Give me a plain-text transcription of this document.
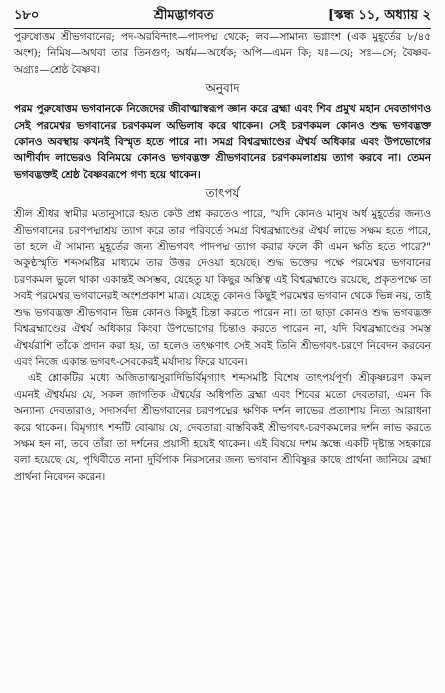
১৮০	শ্রীমদ্ভাগবত	[স্কন্ধ ১১, অধ্যায় ২

পুরুষোত্তম শ্রীভগবানের; পদ-অরবিন্দাৎ—পাদপদ্ম থেকে; লব—সামান্য ভগ্নাংশ (এক মুহূর্তের ৮/৪৫ অংশ); নিমিষ—অথবা তার তিনগুণ; অর্ধম—অর্ধেক; অপি—এমন কি; যঃ—যে; সঃ—সে; বৈষ্ণব-অগ্র্যঃ—শ্রেষ্ঠ বৈষ্ণব।

অনুবাদ

পরম পুরুষোত্তম ভগবানকে নিজেদের জীবাত্মাস্বরূপ জ্ঞান করে ব্রহ্মা এবং শিব প্রমুখ মহান দেবতাগণও সেই পরমেশ্বর ভগবানের চরণকমল অভিলাষ করে থাকেন। সেই চরণকমল কোনও শুদ্ধ ভগবদ্ভক্ত কোনও অবস্থায় কখনই বিস্মৃত হতে পারে না। সমগ্র বিশ্বব্রহ্মাণ্ডের ঐশ্বর্য অধিকার এবং উপভোগের আশীর্বাদ লাভেরও বিনিময়ে কোনও ভগবদ্ভক্ত শ্রীভগবানের চরণকমলাশ্রয় ত্যাগ করবে না। তেমন ভগবদ্ভক্তই শ্রেষ্ঠ বৈষ্ণবরূপে গণ্য হয়ে থাকেন।

তাৎপর্য

শ্রীল শ্রীধর স্বামীর মতানুসারে হয়ত কেউ প্রশ্ন করতেও পারে, "যদি কোনও মানুষ অর্ধ মুহূর্তের জন্যও শ্রীভগবানের চরণপদ্মাশ্রয় ত্যাগ করে তার পরিবর্তে সমগ্র বিশ্বব্রহ্মাণ্ডের ঐশ্বর্য লাভে সক্ষম হতে পারে, তা হলে ঐ সামান্য মুহূর্তের জন্য শ্রীভগবৎ পাদপদ্ম ত্যাগ করার ফলে কী এমন ক্ষতি হতে পারে?" অকুণ্ঠস্মৃতি শব্দসমষ্টির মাধ্যমে তার উত্তর দেওয়া হয়েছে। শুদ্ধ ভক্তের পক্ষে পরমেশ্বর ভগবানের চরণকমল ভুলে থাকা একান্তই অসম্ভব, যেহেতু যা কিছুর অস্তিত্ব এই বিশ্বব্রহ্মাণ্ডে রয়েছে, প্রকৃতপক্ষে তা সবই পরমেশ্বর ভগবানেরই অংশপ্রকাশ মাত্র। যেহেতু কোনও কিছুই পরমেশ্বর ভগবান থেকে ভিন্ন নয়, তাই শুদ্ধ ভগবদ্ভক্ত শ্রীভগবান ভিন্ন কোনও কিছুই চিন্তা করতে পারেন না। তা ছাড়া কোনও শুদ্ধ ভগবদ্ভক্ত বিশ্বব্রহ্মাণ্ডের ঐশ্বর্য অধিকার কিংবা উপভোগের চিন্তাও করতে পারেন না, যদি বিশ্বব্রহ্মাণ্ডের সমস্ত ঐশ্বর্যরাশি তাঁকে প্রদান করা হয়, তা হলেও তৎক্ষণাৎ সেই সবই তিনি শ্রীভগবৎ-চরণে নিবেদন করবেন এবং নিজে একান্ত ভগবৎ-সেবকেরই মর্যাদায় ফিরে যাবেন।

এই শ্লোকটির মধ্যে অজিতাত্মসুরাদিভির্বিমৃগ্যাৎ শব্দসমষ্টি বিশেষ তাৎপর্যপূর্ণ। শ্রীকৃষ্ণচরণ কমল এমনই ঐশ্বর্যময় যে, সকল জাগতিক ঐশ্বর্যের অধিপতি ব্রহ্মা এবং শিবের মতো দেবতারা, এমন কি অন্যান্য দেবতারাও, সদাসর্বদা শ্রীভগবানের চরণপদ্মের ক্ষণিক দর্শন লাভের প্রত্যাশায় নিত্য আরাধনা করে থাকেন। বিমৃগ্যাৎ শব্দটি বোঝায় যে, দেবতারা বাস্তবিকই শ্রীভগবৎ-চরণকমলের দর্শন লাভ করতে সক্ষম হন না, তবে তাঁরা তা দর্শনের প্রয়াসী হয়েই থাকেন। এই বিষয়ে দশম স্কন্ধে একটি দৃষ্টান্ত সহকারে বলা হয়েছে যে, পৃথিবীতে নানা দুর্বিপাক নিরসনের জন্য ভগবান শ্রীবিষ্ণুর কাছে প্রার্থনা জানিয়ে ব্রহ্মা প্রার্থনা নিবেদন করেন।
